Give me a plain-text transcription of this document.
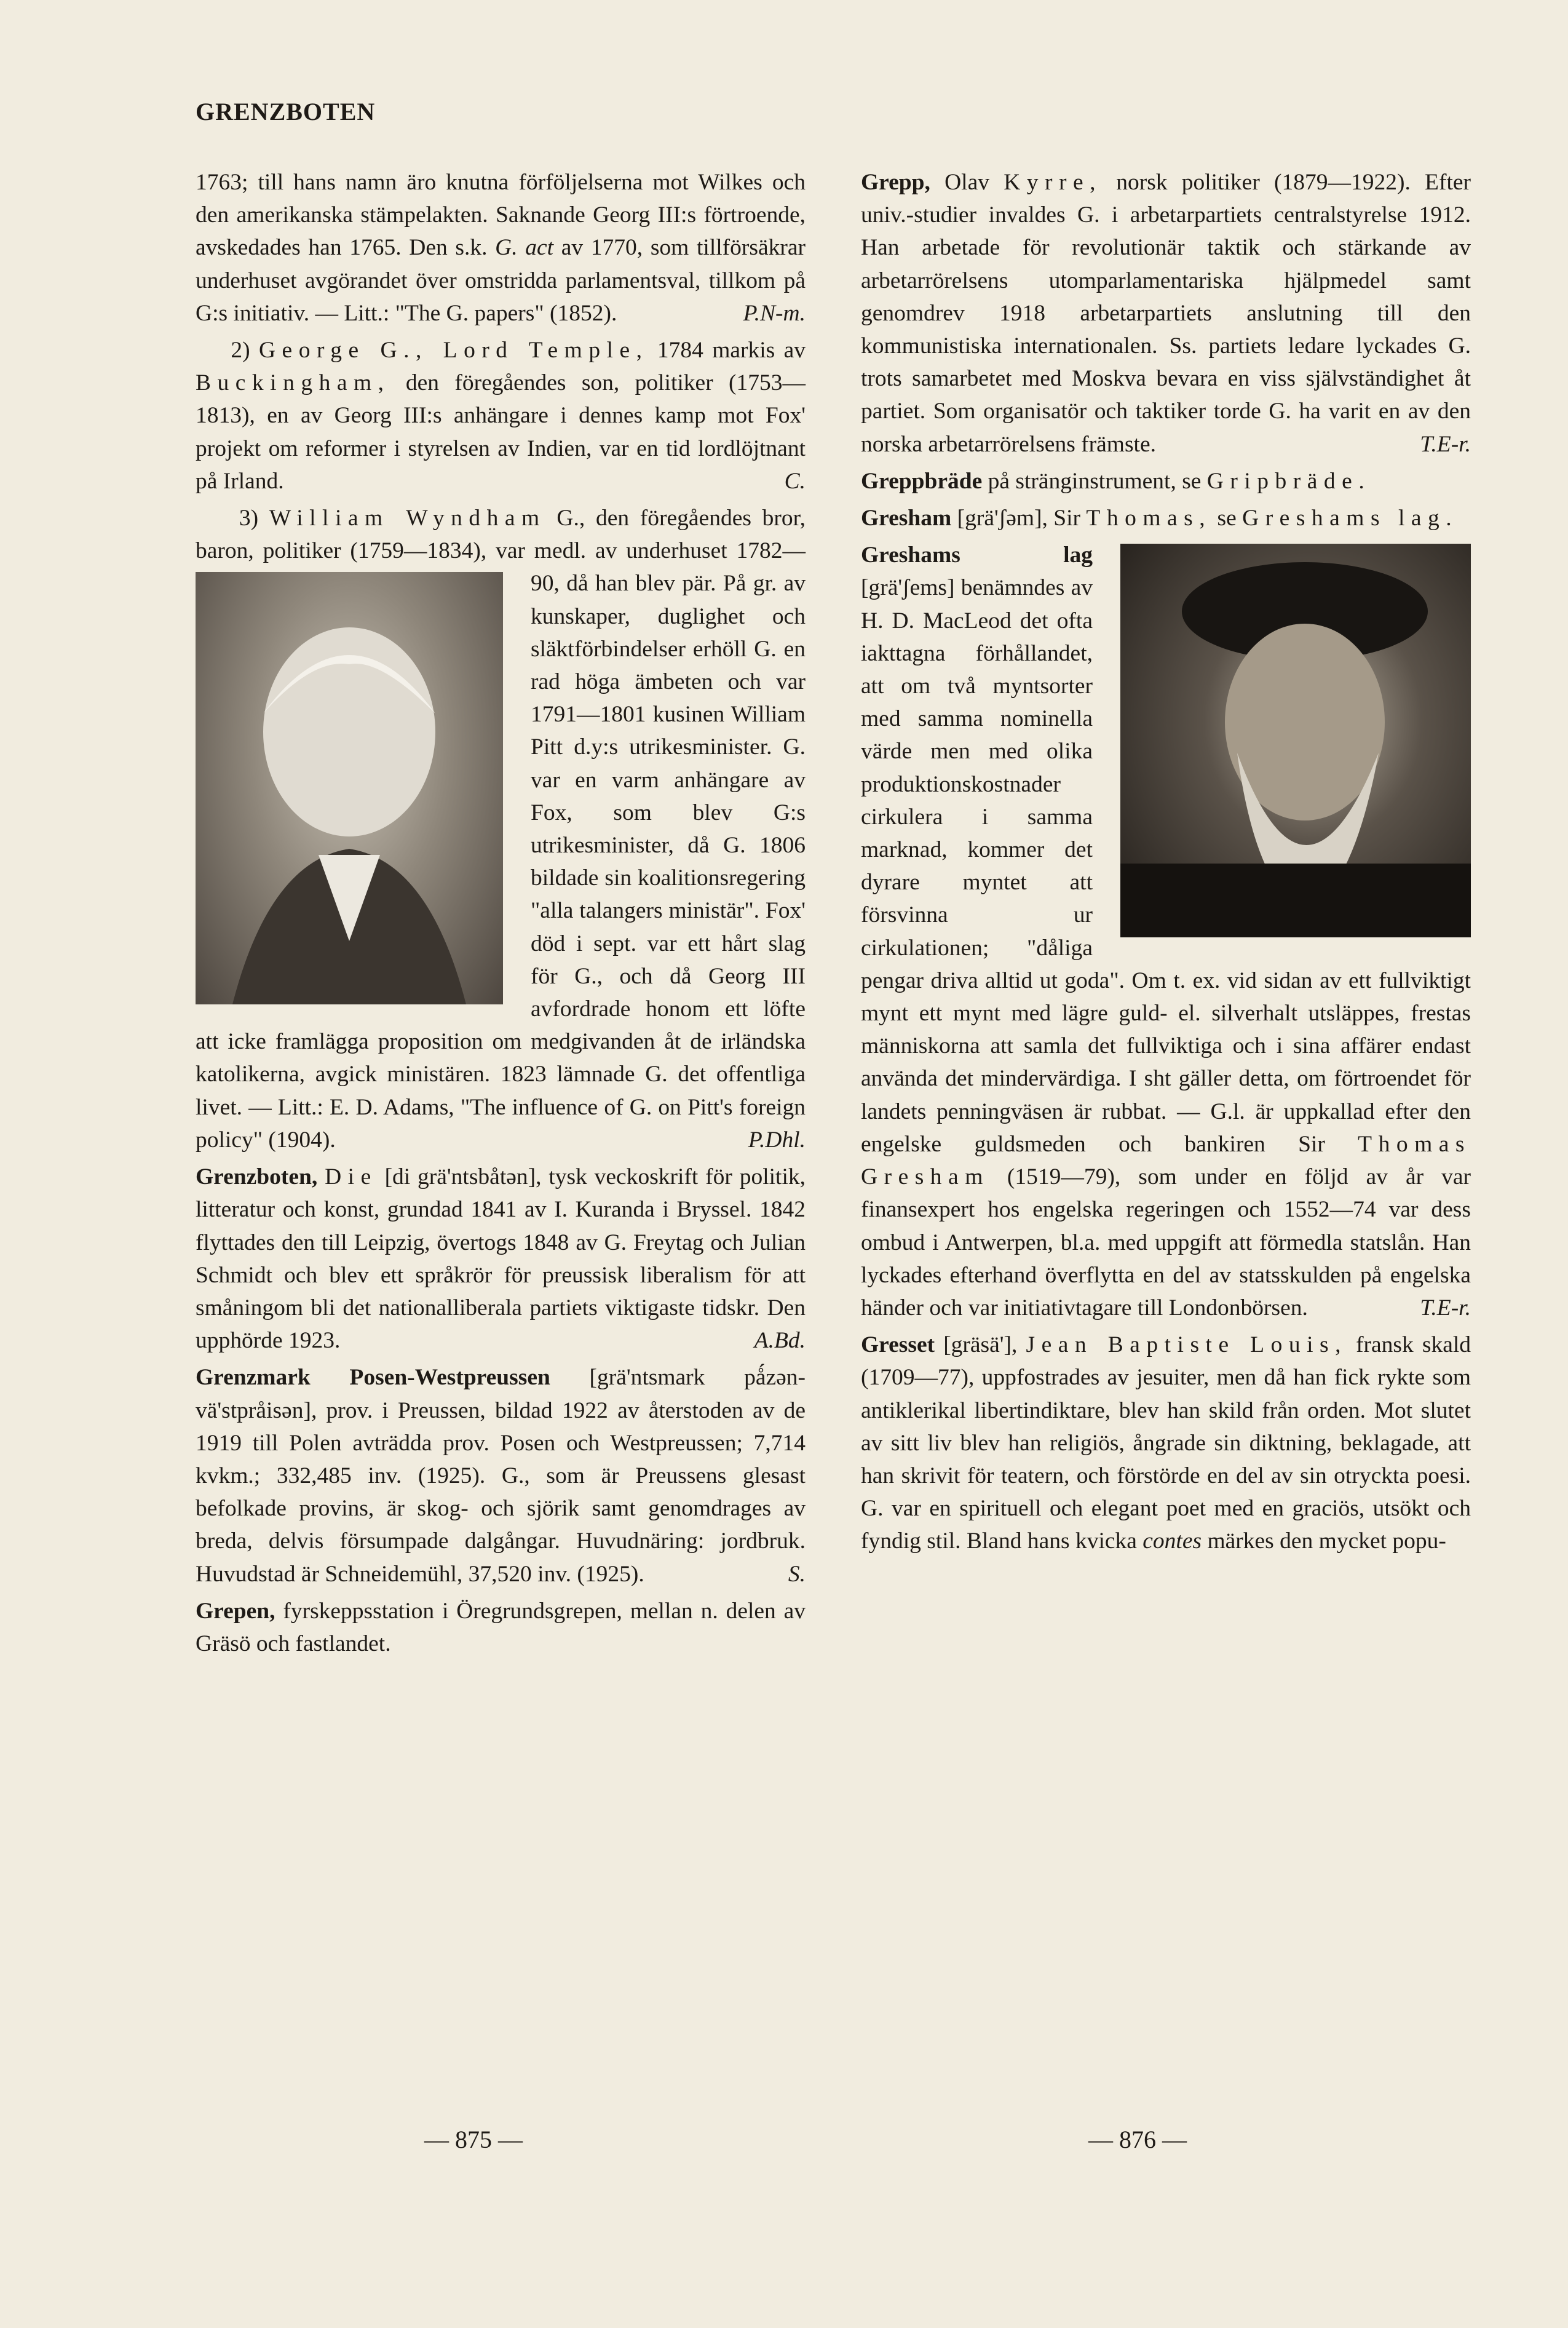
GRENZBOTEN

1763; till hans namn äro knutna förföljelserna mot Wilkes och den amerikanska stämpelakten. Saknande Georg III:s förtroende, avskedades han 1765. Den s.k. G. act av 1770, som tillförsäkrar underhuset avgörandet över omstridda parlamentsval, tillkom på G:s initiativ. — Litt.: "The G. papers" (1852).	P.N-m.

2) George G., Lord Temple, 1784 markis av Buckingham, den föregåendes son, politiker (1753—1813), en av Georg III:s anhängare i dennes kamp mot Fox' projekt om reformer i styrelsen av Indien, var en tid lordlöjtnant på Irland.	C.

3) William Wyndham G., den föregåendes bror, baron, politiker (1759—1834), var medl.
av underhuset 1782—90, då han blev pär. På gr. av kunskaper, duglighet och släktförbindelser erhöll G. en rad höga ämbeten och var 1791—1801 kusinen William Pitt d.y:s utrikesminister. G. var en varm anhängare av Fox, som blev G:s utrikesminister, då G. 1806 bildade sin koalitionsregering "alla talangers ministär". Fox' död i sept. var ett hårt slag för G., och då Georg III avfordrade honom ett löfte att icke framlägga proposition om medgivanden åt de irländska katolikerna, avgick ministären. 1823 lämnade G. det offentliga livet. — Litt.: E. D. Adams, "The influence of G. on Pitt's foreign policy" (1904).	P.Dhl.

Grenzboten, Die [di grä'ntsbåtən], tysk veckoskrift för politik, litteratur och konst, grundad 1841 av I. Kuranda i Bryssel. 1842 flyttades den till Leipzig, övertogs 1848 av G. Freytag och Julian Schmidt och blev ett språkrör för preussisk liberalism för att småningom bli det nationalliberala partiets viktigaste tidskr. Den upphörde 1923.	A.Bd.

Grenzmark Posen-Westpreussen [grä'ntsmark pǻzən-vä'stpråisən], prov. i Preussen, bildad 1922 av återstoden av de 1919 till Polen avträdda prov. Posen och Westpreussen; 7,714 kvkm.; 332,485 inv. (1925). G., som är Preussens glesast befolkade provins, är skog- och sjörik samt genomdrages av breda, delvis försumpade dalgångar. Huvudnäring: jordbruk. Huvudstad är Schneidemühl, 37,520 inv. (1925).	S.

Grepen, fyrskeppsstation i Öregrundsgrepen, mellan n. delen av Gräsö och fastlandet.

Grepp, Olav Kyrre, norsk politiker (1879—1922). Efter univ.-studier invaldes G. i arbetarpartiets centralstyrelse 1912. Han arbetade för revolutionär taktik och stärkande av arbetarrörelsens utomparlamentariska hjälpmedel samt genomdrev 1918 arbetarpartiets anslutning till den kommunistiska internationalen. Ss. partiets ledare lyckades G. trots samarbetet med Moskva bevara en viss självständighet åt partiet. Som organisatör och taktiker torde G. ha varit en av den norska arbetarrörelsens främste.	T.E-r.

Greppbräde på stränginstrument, se Gripbräde.

Gresham [grä'ʃəm], Sir Thomas, se Greshams lag.

Greshams lag [grä'ʃems] benämndes av H. D. MacLeod det ofta iakttagna förhållandet, att om två myntsorter med samma nominella värde men med olika produktionskostnader cirkulera i samma marknad, kommer det dyrare myntet att försvinna ur cirkulationen; "dåliga pengar driva alltid ut goda". Om t. ex. vid sidan av ett fullviktigt mynt ett mynt med lägre guld- el. silverhalt utsläppes, frestas människorna att samla det fullviktiga och i sina affärer endast använda det mindervärdiga. I sht gäller detta, om förtroendet för landets penningväsen är rubbat. — G.l. är uppkallad efter den engelske guldsmeden och bankiren Sir Thomas Gresham (1519—79), som under en följd av år var finansexpert hos engelska regeringen och 1552—74 var dess ombud i Antwerpen, bl.a. med uppgift att förmedla statslån. Han lyckades efterhand överflytta en del av statsskulden på engelska händer och var initiativtagare till Londonbörsen.	T.E-r.

Gresset [gräsä'], Jean Baptiste Louis, fransk skald (1709—77), uppfostrades av jesuiter, men då han fick rykte som antiklerikal libertindiktare, blev han skild från orden. Mot slutet av sitt liv blev han religiös, ångrade sin diktning, beklagade, att han skrivit för teatern, och förstörde en del av sin otryckta poesi. G. var en spirituell och elegant poet med en graciös, utsökt och fyndig stil. Bland hans kvicka contes märkes den mycket popu-

— 875 —	— 876 —
